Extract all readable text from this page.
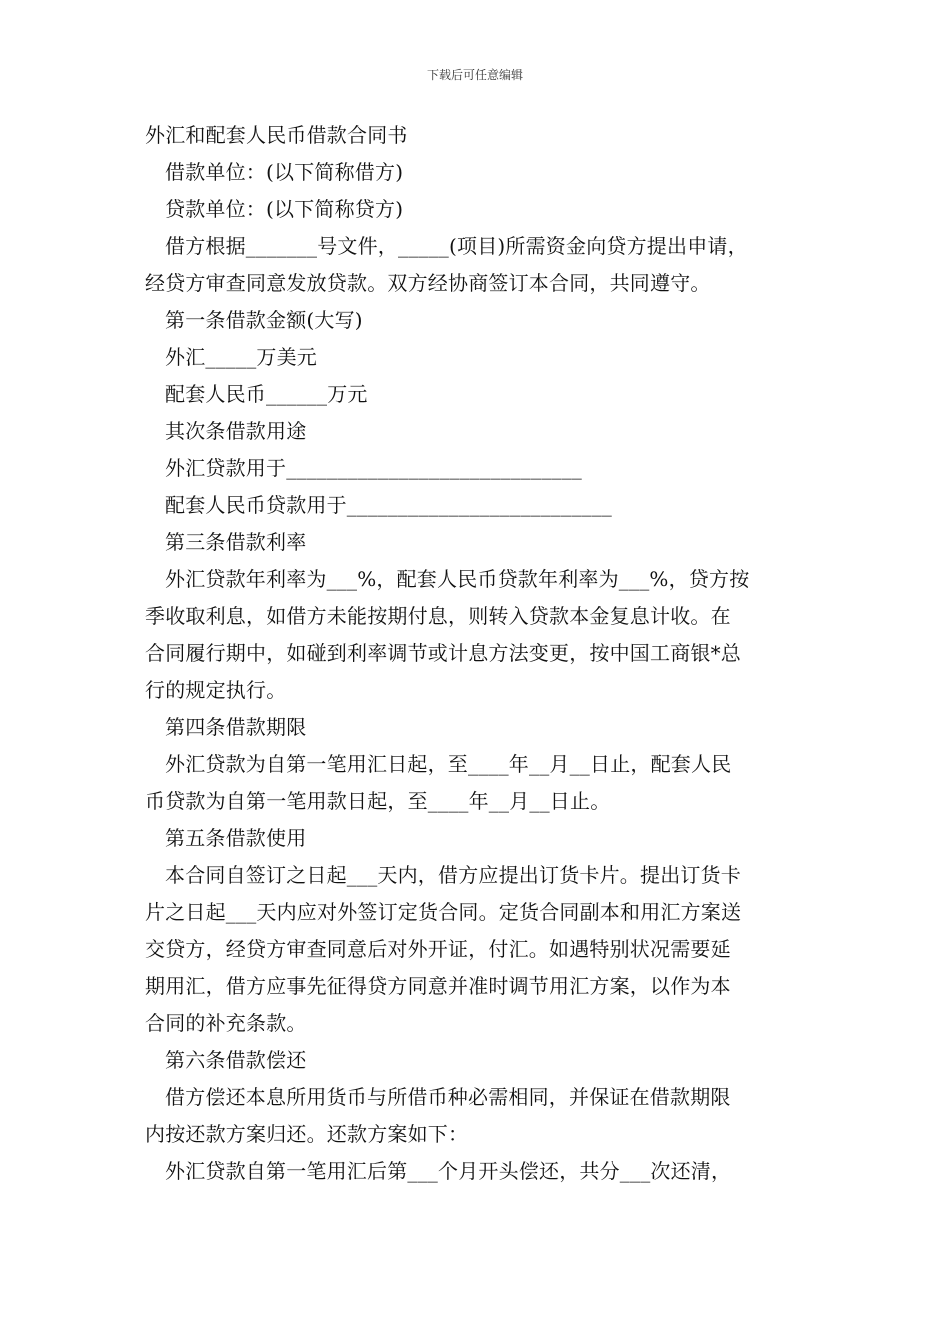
下载后可任意编辑
外汇和配套人民币借款合同书
借款单位：(以下简称借方)
贷款单位：(以下简称贷方)
借方根据_______号文件，_____(项目)所需资金向贷方提出申请，
经贷方审查同意发放贷款。双方经协商签订本合同，共同遵守。
第一条借款金额(大写)
外汇_____万美元
配套人民币______万元
其次条借款用途
外汇贷款用于_____________________________
配套人民币贷款用于__________________________
第三条借款利率
外汇贷款年利率为___%，配套人民币贷款年利率为___%，贷方按
季收取利息，如借方未能按期付息，则转入贷款本金复息计收。在
合同履行期中，如碰到利率调节或计息方法变更，按中国工商银*总
行的规定执行。
第四条借款期限
外汇贷款为自第一笔用汇日起，至____年__月__日止，配套人民
币贷款为自第一笔用款日起，至____年__月__日止。
第五条借款使用
本合同自签订之日起___天内，借方应提出订货卡片。提出订货卡
片之日起___天内应对外签订定货合同。定货合同副本和用汇方案送
交贷方，经贷方审查同意后对外开证，付汇。如遇特别状况需要延
期用汇，借方应事先征得贷方同意并准时调节用汇方案，以作为本
合同的补充条款。
第六条借款偿还
借方偿还本息所用货币与所借币种必需相同，并保证在借款期限
内按还款方案归还。还款方案如下：
外汇贷款自第一笔用汇后第___个月开头偿还，共分___次还清，
